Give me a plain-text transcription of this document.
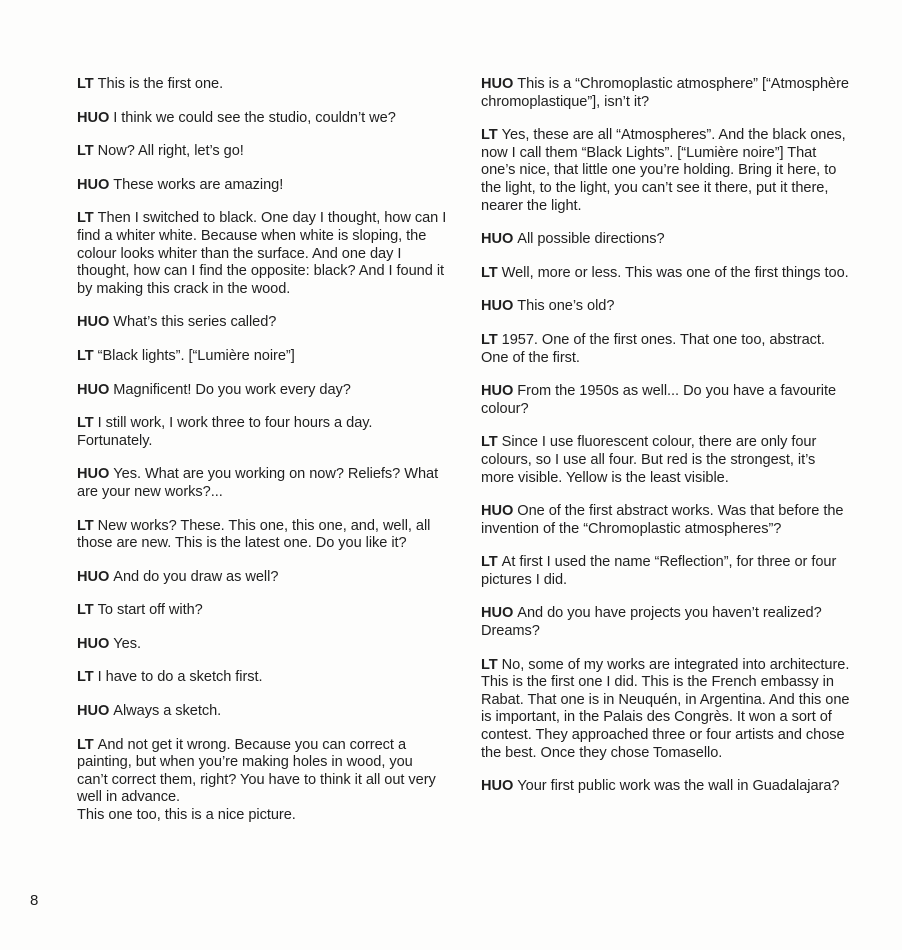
LT This is the first one.

HUO I think we could see the studio, couldn’t we?

LT Now? All right, let’s go!

HUO These works are amazing!

LT Then I switched to black. One day I thought, how can I find a whiter white. Because when white is sloping, the colour looks whiter than the surface. And one day I thought, how can I find the opposite: black? And I found it by making this crack in the wood.

HUO What’s this series called?

LT “Black lights”. [“Lumière noire”]

HUO Magnificent! Do you work every day?

LT I still work, I work three to four hours a day. Fortunately.

HUO Yes. What are you working on now? Reliefs? What are your new works?...

LT New works? These. This one, this one, and, well, all those are new. This is the latest one. Do you like it?

HUO And do you draw as well?

LT To start off with?

HUO Yes.

LT I have to do a sketch first.

HUO Always a sketch.

LT And not get it wrong. Because you can correct a painting, but when you’re making holes in wood, you can’t correct them, right? You have to think it all out very well in advance.
This one too, this is a nice picture.

HUO This is a “Chromoplastic atmosphere” [“Atmosphère chromoplastique”], isn’t it?

LT Yes, these are all “Atmospheres”. And the black ones, now I call them “Black Lights”. [“Lumière noire”] That one’s nice, that little one you’re holding. Bring it here, to the light, to the light, you can’t see it there, put it there, nearer the light.

HUO All possible directions?

LT Well, more or less. This was one of the first things too.

HUO This one’s old?

LT 1957. One of the first ones. That one too, abstract. One of the first.

HUO From the 1950s as well... Do you have a favourite colour?

LT Since I use fluorescent colour, there are only four colours, so I use all four. But red is the strongest, it’s more visible. Yellow is the least visible.

HUO One of the first abstract works. Was that before the invention of the “Chromoplastic atmospheres”?

LT At first I used the name “Reflection”, for three or four pictures I did.

HUO And do you have projects you haven’t realized? Dreams?

LT No, some of my works are integrated into architecture. This is the first one I did. This is the French embassy in Rabat. That one is in Neuquén, in Argentina. And this one is important, in the Palais des Congrès. It won a sort of contest. They approached three or four artists and chose the best. Once they chose Tomasello.

HUO Your first public work was the wall in Guadalajara?

8
